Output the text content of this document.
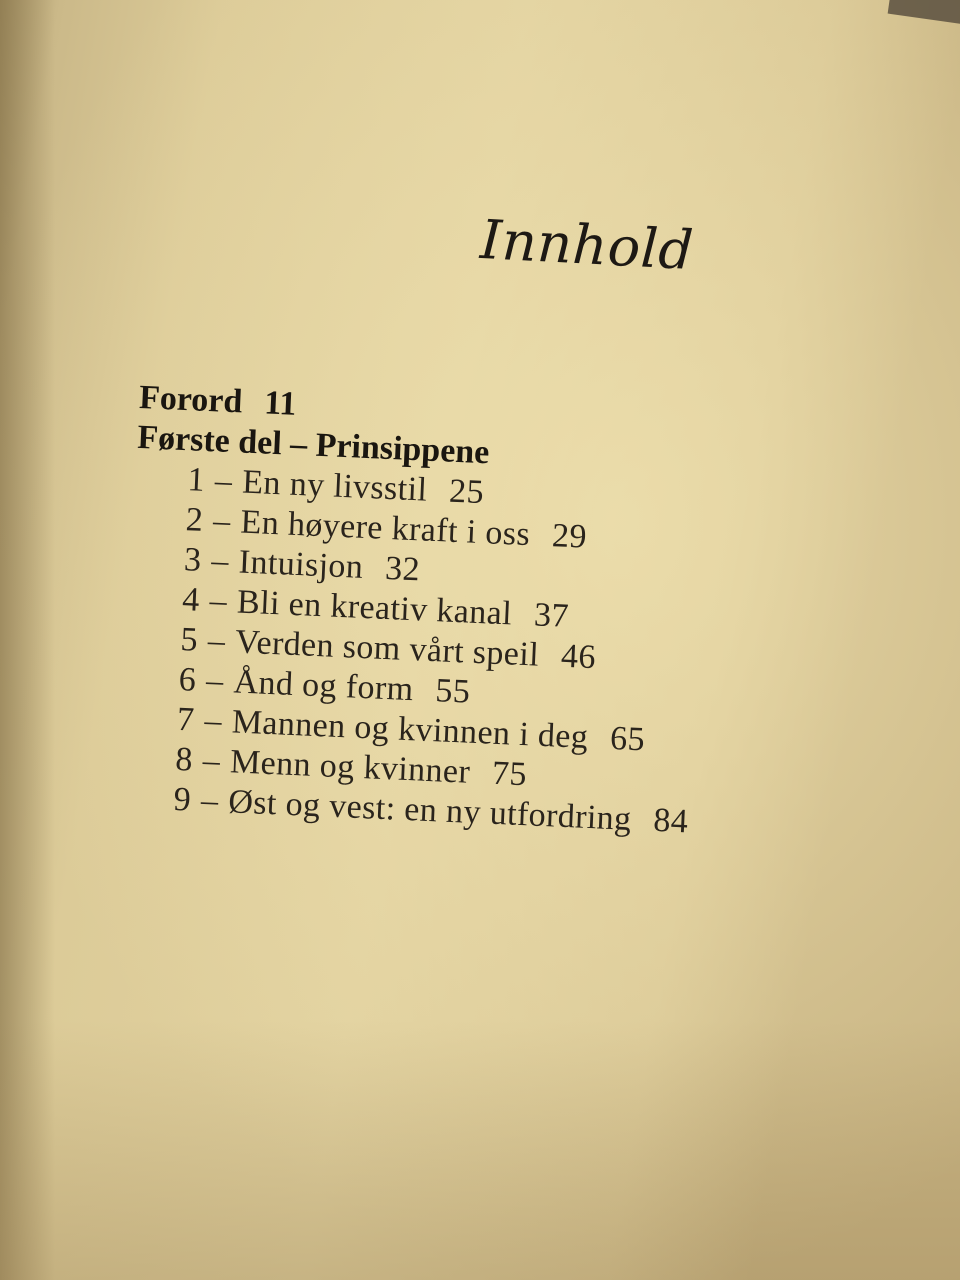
Innhold
Forord 11
Første del – Prinsippene
1 – En ny livsstil 25
2 – En høyere kraft i oss 29
3 – Intuisjon 32
4 – Bli en kreativ kanal 37
5 – Verden som vårt speil 46
6 – Ånd og form 55
7 – Mannen og kvinnen i deg 65
8 – Menn og kvinner 75
9 – Øst og vest: en ny utfordring 84
